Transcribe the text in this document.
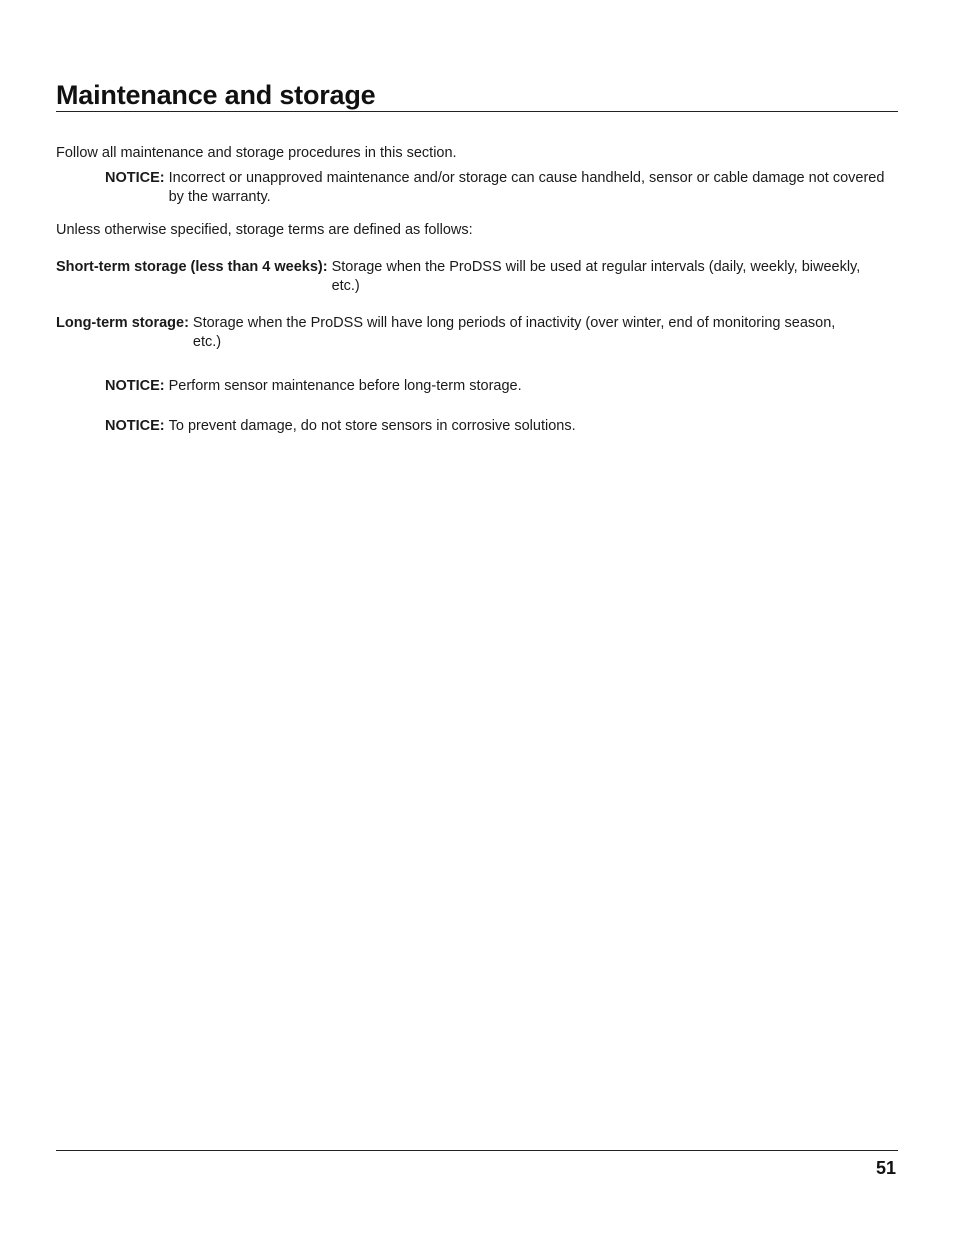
Maintenance and storage

Follow all maintenance and storage procedures in this section.

NOTICE: Incorrect or unapproved maintenance and/or storage can cause handheld, sensor or cable damage not covered by the warranty.

Unless otherwise specified, storage terms are defined as follows:

Short-term storage (less than 4 weeks): Storage when the ProDSS will be used at regular intervals (daily, weekly, biweekly, etc.)
Long-term storage: Storage when the ProDSS will have long periods of inactivity (over winter, end of monitoring season, etc.)
NOTICE: Perform sensor maintenance before long-term storage.
NOTICE: To prevent damage, do not store sensors in corrosive solutions.
51
